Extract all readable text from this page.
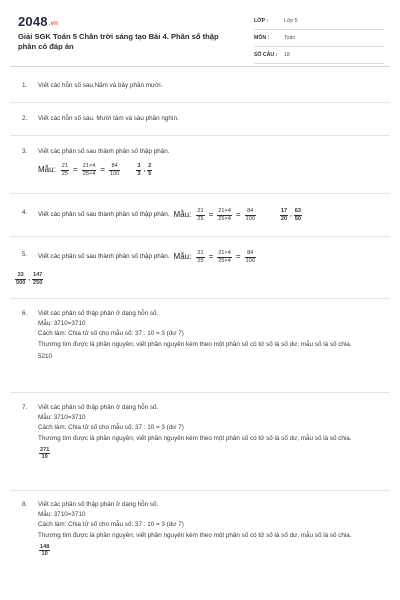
2048.vn
Giải SGK Toán 5 Chân trời sáng tạo Bài 4. Phân số thập phân có đáp án
LỚP :	Lớp 5
MÔN :	Toán
SỐ CÂU : 18
1. Viết các hỗn số sau.Năm và bảy phần mười.
2. Viết các hỗn số sau. Mười tám và sáu phần nghìn.
3. Viết các phân số sau thành phân số thập phân.
Mẫu: $\frac{21}{25} = \frac{21\times 4}{25\times 4} = \frac{84}{100}$	$\frac{3}{3}$ , $\frac{2}{5}$
4. Viết các phân số sau thành phân số thập phân. Mẫu: $\frac{21}{25} = \frac{21\times 4}{25\times 4} = \frac{84}{100}$	$\frac{17}{20}$ , $\frac{63}{50}$
5. Viết các phân số sau thành phân số thập phân. Mẫu: $\frac{21}{25} = \frac{21\times 4}{25\times 4} = \frac{84}{100}$
$\frac{33}{500}$ , $\frac{147}{250}$
6. Viết các phân số thập phân ở dạng hỗn số.
Mẫu: 3710=3710
Cách làm: Chia tử số cho mẫu số: 37 : 10 = 3 (dư 7)
Thương tìm được là phần nguyên; viết phần nguyên kèm theo một phân số có tử số là số dư, mẫu số là số chia.
5210
7. Viết các phân số thập phân ở dạng hỗn số.
Mẫu: 3710=3710
Cách làm: Chia tử số cho mẫu số: 37 : 10 = 3 (dư 7)
Thương tìm được là phần nguyên; viết phần nguyên kèm theo một phân số có tử số là số dư, mẫu số là số chia.
$\frac{271}{10}$
8. Viết các phân số thập phân ở dạng hỗn số.
Mẫu: 3710=3710
Cách làm: Chia tử số cho mẫu số: 37 : 10 = 3 (dư 7)
Thương tìm được là phần nguyên; viết phần nguyên kèm theo một phân số có tử số là số dư, mẫu số là số chia.
$\frac{148}{10}$
